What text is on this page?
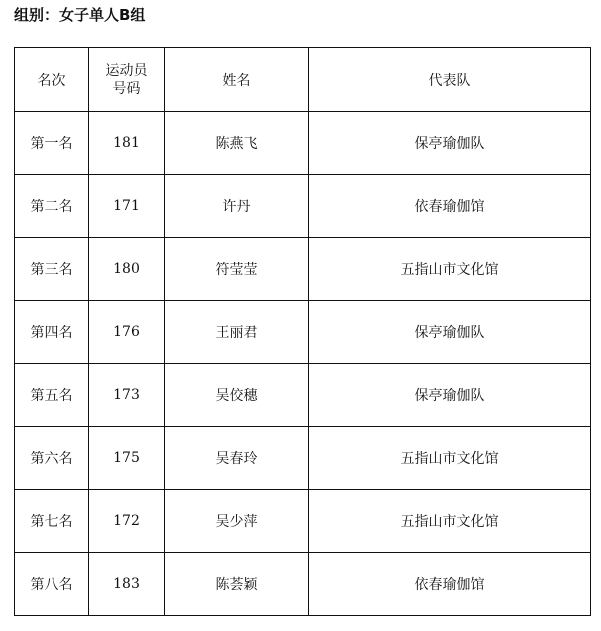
组别：女子单人B组
名次	运动员号码	姓名	代表队
第一名	181	陈燕飞	保亭瑜伽队
第二名	171	许丹	依春瑜伽馆
第三名	180	符莹莹	五指山市文化馆
第四名	176	王丽君	保亭瑜伽队
第五名	173	吴佼穗	保亭瑜伽队
第六名	175	吴春玲	五指山市文化馆
第七名	172	吴少萍	五指山市文化馆
第八名	183	陈荟颖	依春瑜伽馆
